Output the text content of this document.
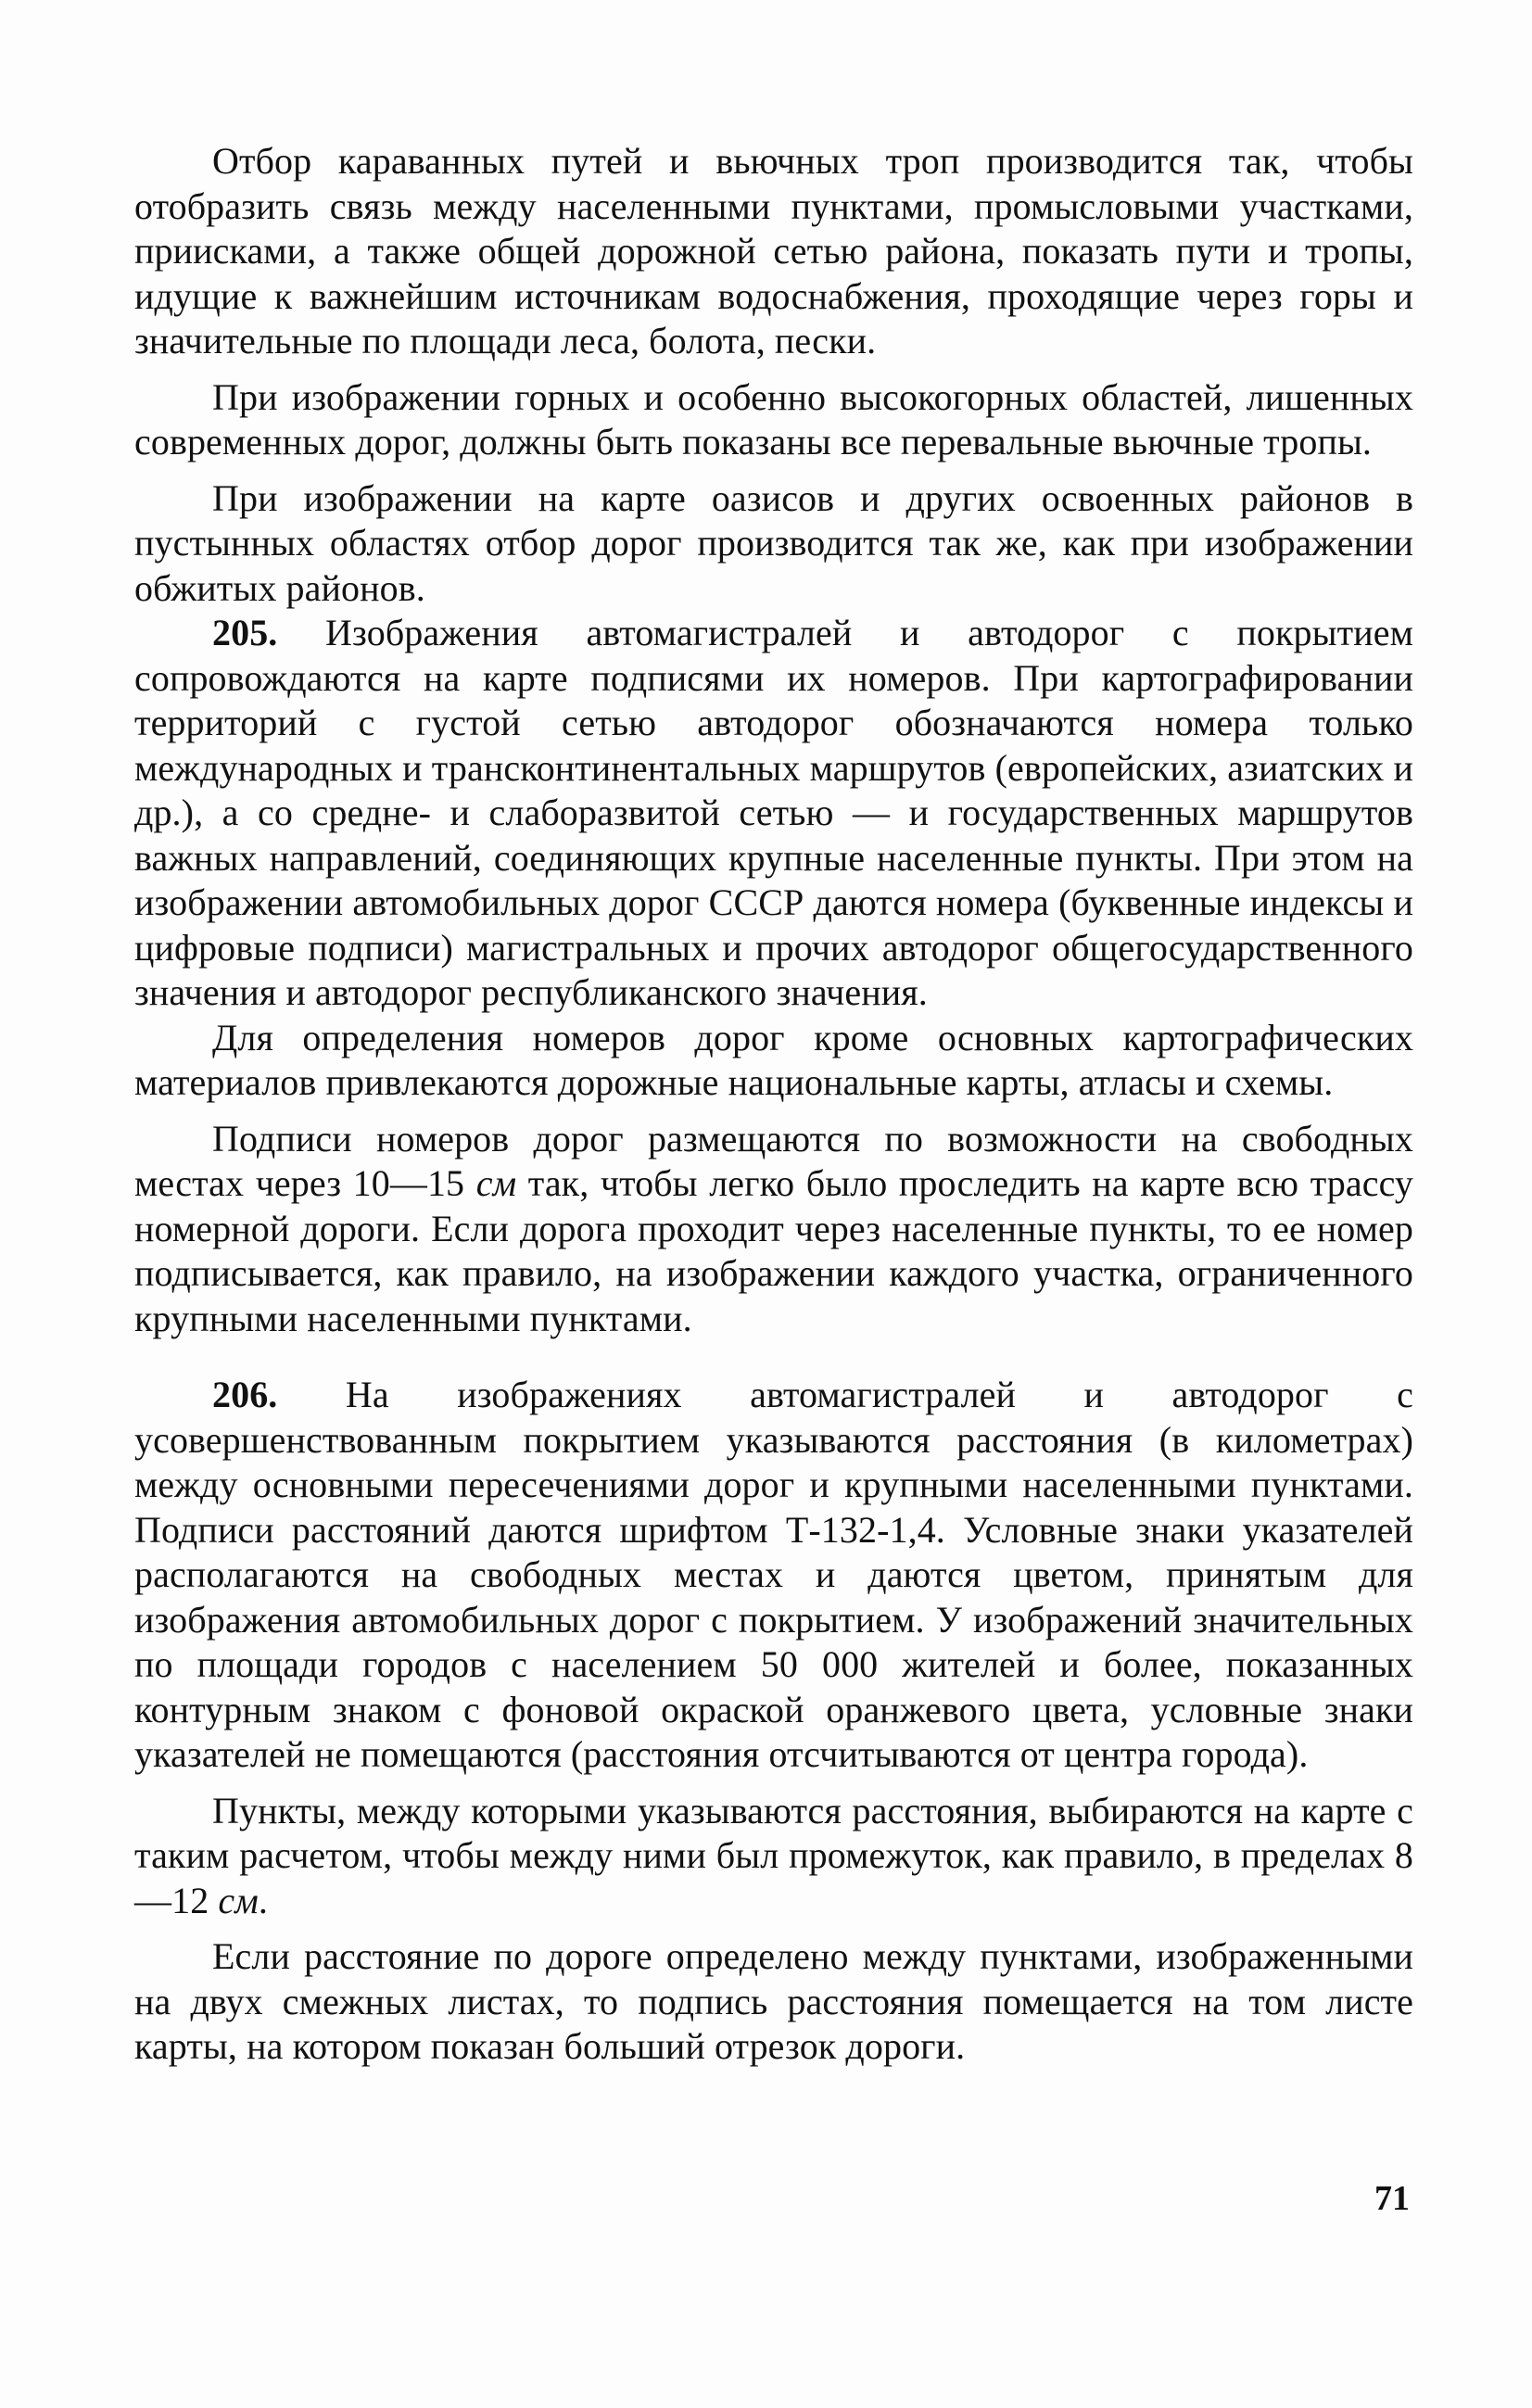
Отбор караванных путей и вьючных троп производится так, чтобы отобразить связь между населенными пунктами, промысловыми участками, приисками, а также общей дорожной сетью района, показать пути и тропы, идущие к важнейшим источникам водоснабжения, проходящие через горы и значительные по площади леса, болота, пески.

При изображении горных и особенно высокогорных областей, лишенных современных дорог, должны быть показаны все перевальные вьючные тропы.

При изображении на карте оазисов и других освоенных районов в пустынных областях отбор дорог производится так же, как при изображении обжитых районов.

205. Изображения автомагистралей и автодорог с покрытием сопровождаются на карте подписями их номеров. При картографировании территорий с густой сетью автодорог обозначаются номера только международных и трансконтинентальных маршрутов (европейских, азиатских и др.), а со средне- и слаборазвитой сетью — и государственных маршрутов важных направлений, соединяющих крупные населенные пункты. При этом на изображении автомобильных дорог СССР даются номера (буквенные индексы и цифровые подписи) магистральных и прочих автодорог общегосударственного значения и автодорог республиканского значения.

Для определения номеров дорог кроме основных картографических материалов привлекаются дорожные национальные карты, атласы и схемы.

Подписи номеров дорог размещаются по возможности на свободных местах через 10—15 см так, чтобы легко было проследить на карте всю трассу номерной дороги. Если дорога проходит через населенные пункты, то ее номер подписывается, как правило, на изображении каждого участка, ограниченного крупными населенными пунктами.

206. На изображениях автомагистралей и автодорог с усовершенствованным покрытием указываются расстояния (в километрах) между основными пересечениями дорог и крупными населенными пунктами. Подписи расстояний даются шрифтом Т-132-1,4. Условные знаки указателей располагаются на свободных местах и даются цветом, принятым для изображения автомобильных дорог с покрытием. У изображений значительных по площади городов с населением 50 000 жителей и более, показанных контурным знаком с фоновой окраской оранжевого цвета, условные знаки указателей не помещаются (расстояния отсчитываются от центра города).

Пункты, между которыми указываются расстояния, выбираются на карте с таким расчетом, чтобы между ними был промежуток, как правило, в пределах 8—12 см.

Если расстояние по дороге определено между пунктами, изображенными на двух смежных листах, то подпись расстояния помещается на том листе карты, на котором показан больший отрезок дороги.

71
